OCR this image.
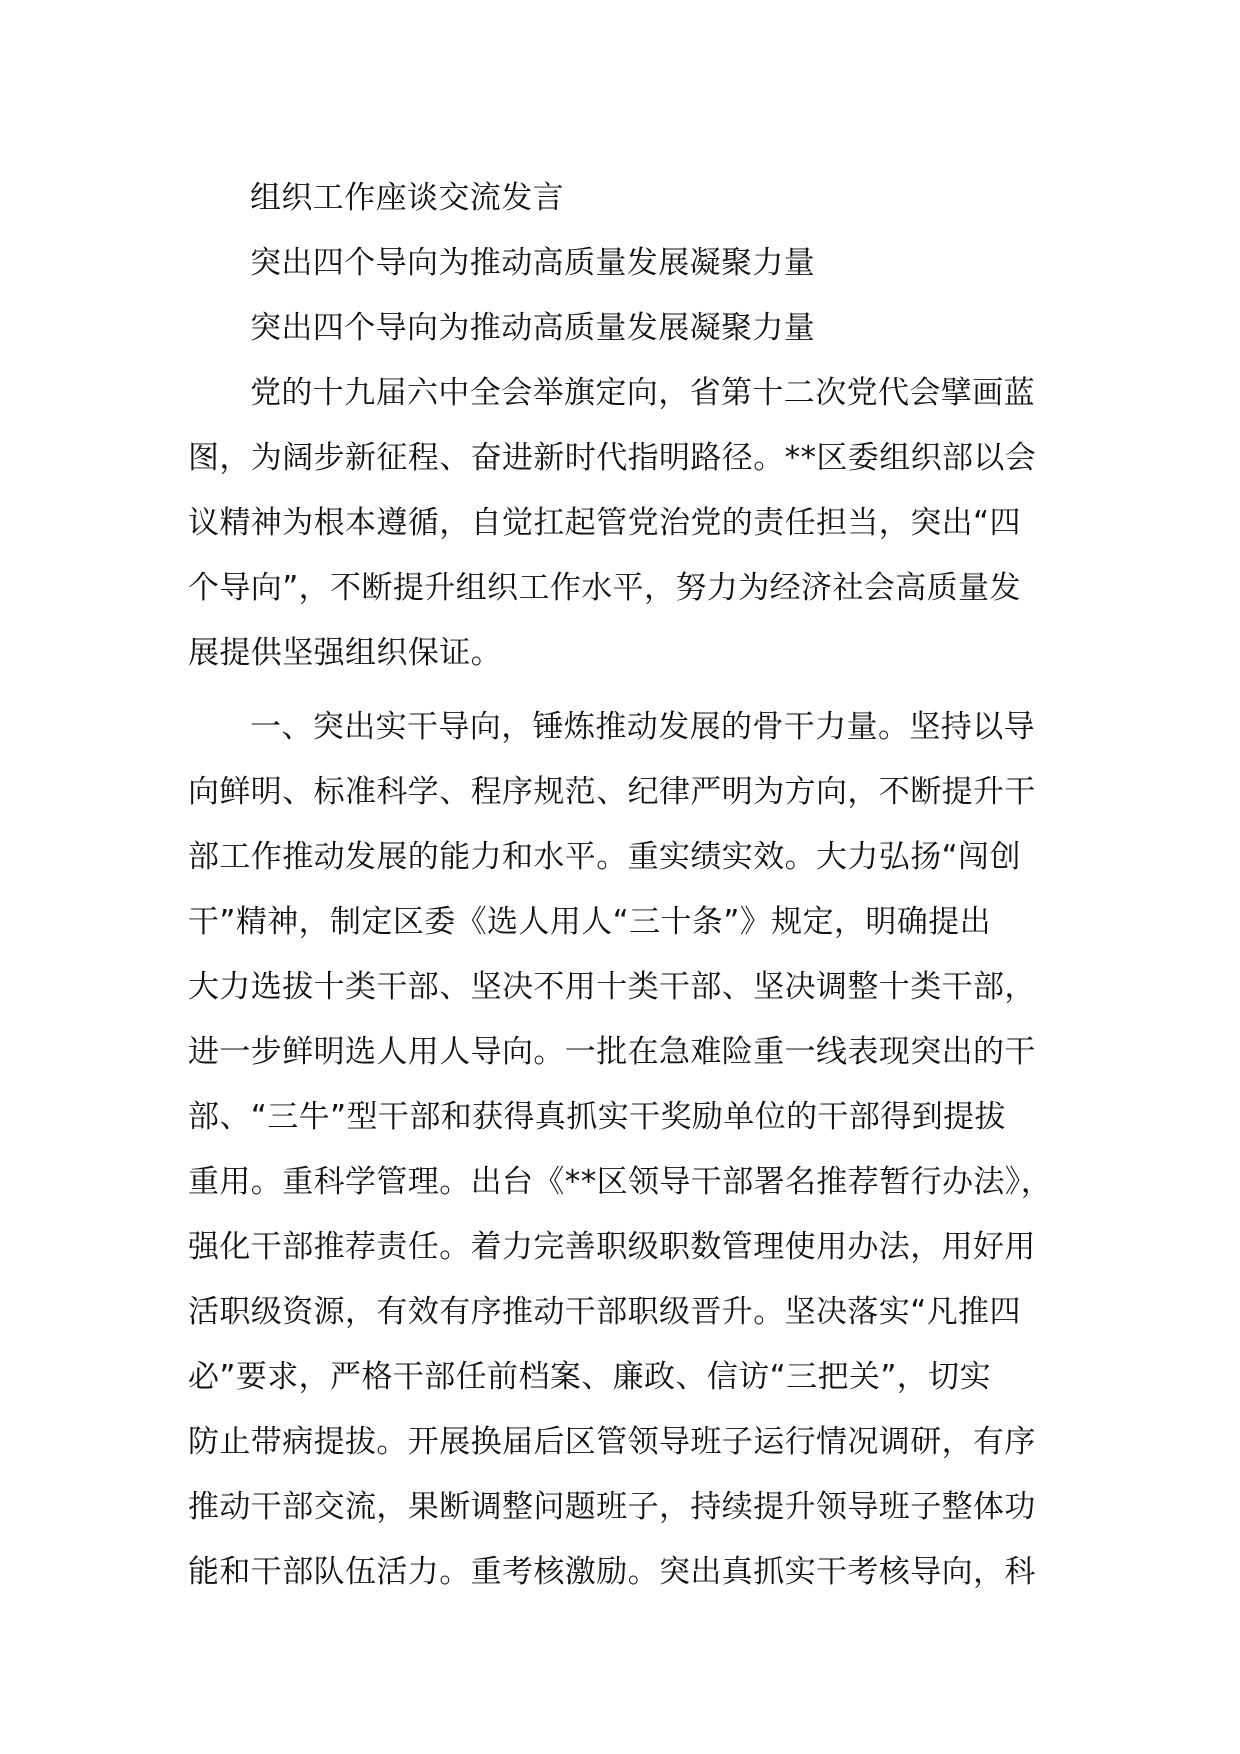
组织工作座谈交流发言
突出四个导向为推动高质量发展凝聚力量
突出四个导向为推动高质量发展凝聚力量
党的十九届六中全会举旗定向，省第十二次党代会擘画蓝
图，为阔步新征程、奋进新时代指明路径。**区委组织部以会
议精神为根本遵循，自觉扛起管党治党的责任担当，突出“四
个导向”，不断提升组织工作水平，努力为经济社会高质量发
展提供坚强组织保证。
一、突出实干导向，锤炼推动发展的骨干力量。坚持以导
向鲜明、标准科学、程序规范、纪律严明为方向，不断提升干
部工作推动发展的能力和水平。重实绩实效。大力弘扬“闯创
干”精神，制定区委《选人用人“三十条”》规定，明确提出
大力选拔十类干部、坚决不用十类干部、坚决调整十类干部，
进一步鲜明选人用人导向。一批在急难险重一线表现突出的干
部、“三牛”型干部和获得真抓实干奖励单位的干部得到提拔
重用。重科学管理。出台《**区领导干部署名推荐暂行办法》，
强化干部推荐责任。着力完善职级职数管理使用办法，用好用
活职级资源，有效有序推动干部职级晋升。坚决落实“凡推四
必”要求，严格干部任前档案、廉政、信访“三把关”，切实
防止带病提拔。开展换届后区管领导班子运行情况调研，有序
推动干部交流，果断调整问题班子，持续提升领导班子整体功
能和干部队伍活力。重考核激励。突出真抓实干考核导向，科
